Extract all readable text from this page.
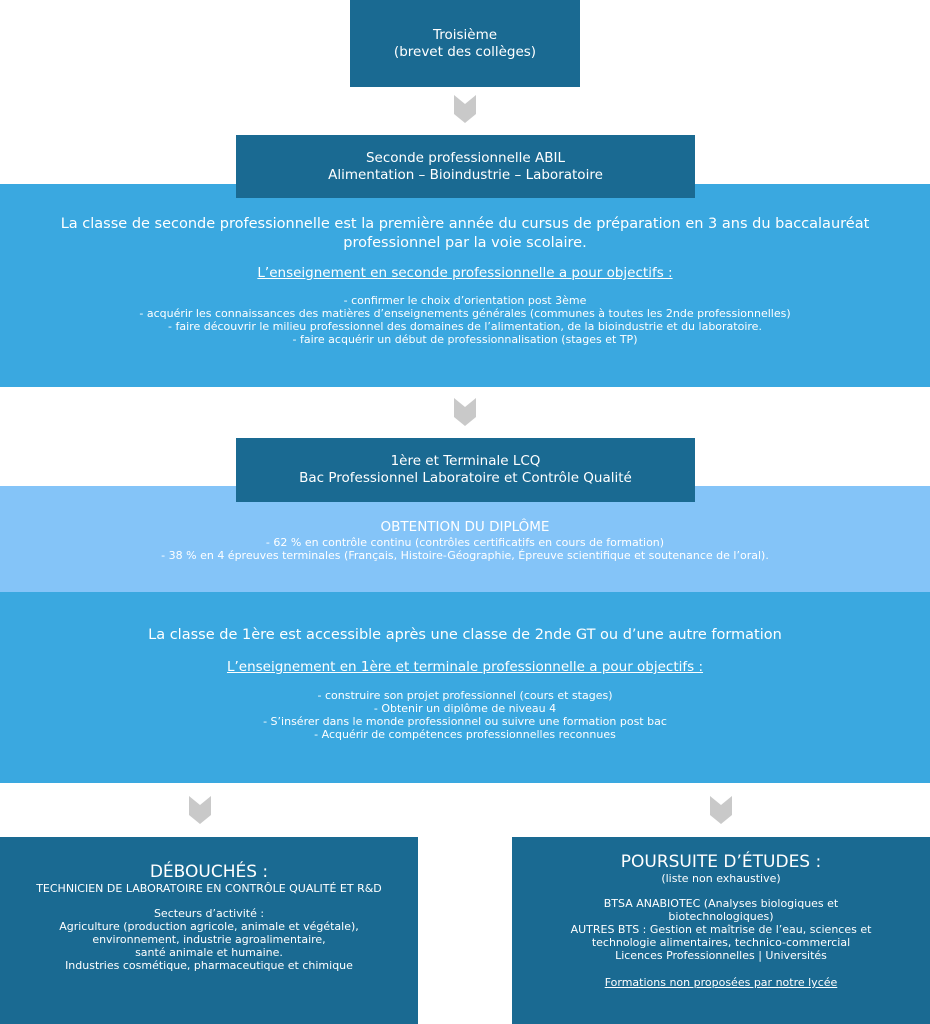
Troisième
(brevet des collèges)
Seconde professionnelle ABIL
Alimentation – Bioindustrie – Laboratoire
La classe de seconde professionnelle est la première année du cursus de préparation en 3 ans du baccalauréat
professionnel par la voie scolaire.
L’enseignement en seconde professionnelle a pour objectifs :
- confirmer le choix d’orientation post 3ème
- acquérir les connaissances des matières d’enseignements générales (communes à toutes les 2nde professionnelles)
- faire découvrir le milieu professionnel des domaines de l’alimentation, de la bioindustrie et du laboratoire.
- faire acquérir un début de professionnalisation (stages et TP)
OBTENTION DU DIPLÔME
- 62 % en contrôle continu (contrôles certificatifs en cours de formation)
- 38 % en 4 épreuves terminales (Français, Histoire-Géographie, Épreuve scientifique et soutenance de l’oral).
1ère et Terminale LCQ
Bac Professionnel Laboratoire et Contrôle Qualité
La classe de 1ère est accessible après une classe de 2nde GT ou d’une autre formation
L’enseignement en 1ère et terminale professionnelle a pour objectifs :
- construire son projet professionnel (cours et stages)
- Obtenir un diplôme de niveau 4
- S’insérer dans le monde professionnel ou suivre une formation post bac
- Acquérir de compétences professionnelles reconnues
DÉBOUCHÉS :
TECHNICIEN DE LABORATOIRE EN CONTRÔLE QUALITÉ ET R&D
Secteurs d’activité :
Agriculture (production agricole, animale et végétale),
environnement, industrie agroalimentaire,
santé animale et humaine.
Industries cosmétique, pharmaceutique et chimique
POURSUITE D’ÉTUDES :
(liste non exhaustive)
BTSA ANABIOTEC (Analyses biologiques et
biotechnologiques)
AUTRES BTS : Gestion et maîtrise de l’eau, sciences et
technologie alimentaires, technico-commercial
Licences Professionnelles | Universités
Formations non proposées par notre lycée
